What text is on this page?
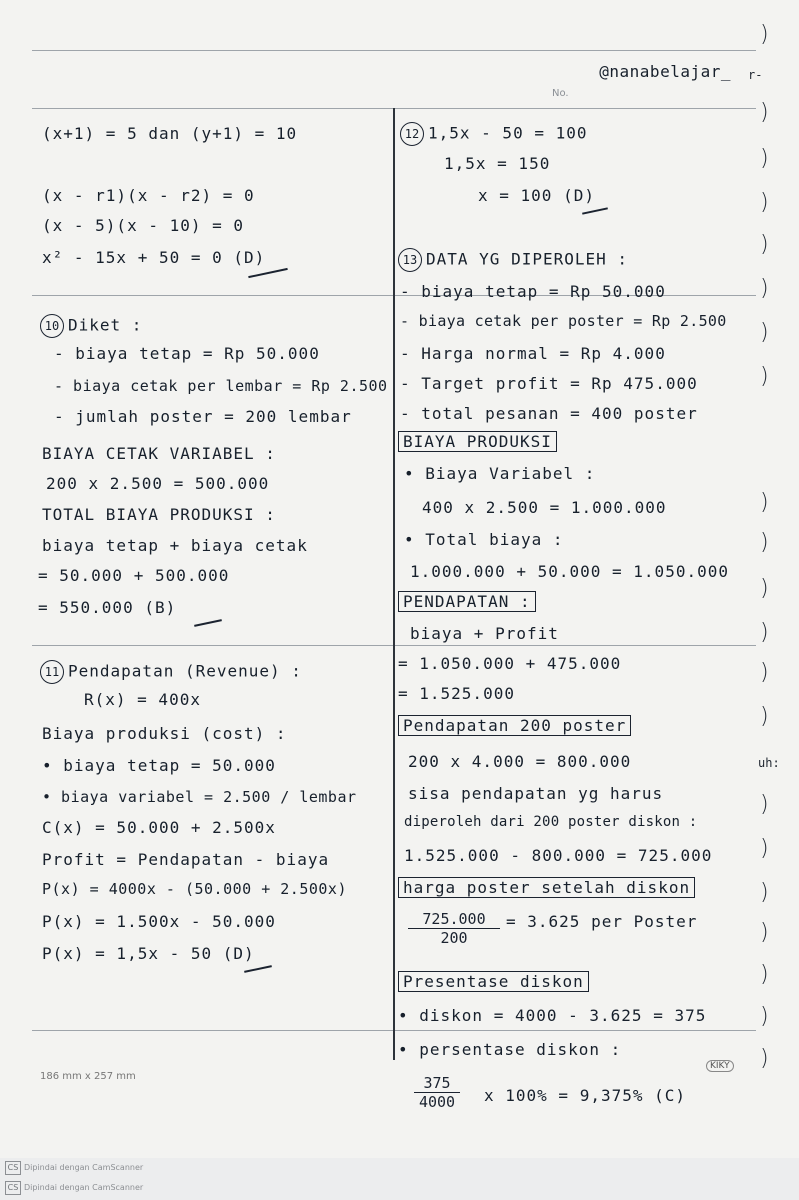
@nanabelajar_
No.
(x+1) = 5 dan (y+1) = 10
(x - r1)(x - r2) = 0
(x - 5)(x - 10) = 0
x² - 15x + 50 = 0 (D)
10 Diket :
- biaya tetap = Rp 50.000
- biaya cetak per lembar = Rp 2.500
- jumlah poster = 200 lembar
BIAYA CETAK VARIABEL :
200 x 2.500 = 500.000
TOTAL BIAYA PRODUKSI :
biaya tetap + biaya cetak
= 50.000 + 500.000
= 550.000 (B)
11 Pendapatan (Revenue) :
R(x) = 400x
Biaya produksi (cost) :
• biaya tetap = 50.000
• biaya variabel = 2.500 / lembar
C(x) = 50.000 + 2.500x
Profit = Pendapatan - biaya
P(x) = 4000x - (50.000 + 2.500x)
P(x) = 1.500x - 50.000
P(x) = 1,5x - 50 (D)
12 1,5x - 50 = 100
1,5x = 150
x = 100 (D)
13 DATA YG DIPEROLEH :
- biaya tetap = Rp 50.000
- biaya cetak per poster = Rp 2.500
- Harga normal = Rp 4.000
- Target profit = Rp 475.000
- total pesanan = 400 poster
BIAYA PRODUKSI
• Biaya Variabel :
400 x 2.500 = 1.000.000
• Total biaya :
1.000.000 + 50.000 = 1.050.000
PENDAPATAN :
biaya + Profit
= 1.050.000 + 475.000
= 1.525.000
Pendapatan 200 poster
200 x 4.000 = 800.000
sisa pendapatan yg harus
diperoleh dari 200 poster diskon :
1.525.000 - 800.000 = 725.000
harga poster setelah diskon
$\frac{725.000}{200} = 3.625$ per Poster
Presentase diskon
• diskon = 4000 - 3.625 = 375
• persentase diskon :
)
r-
)
)
)
)
)
)
)
)
)
)
)
)
)
uh:
)
)
)
)
)
)
)
186 mm x 257 mm
KIKY
$\frac{375}{4000}$ x 100% = 9,375% (C)
CS Dipindai dengan CamScanner
CS Dipindai dengan CamScanner
